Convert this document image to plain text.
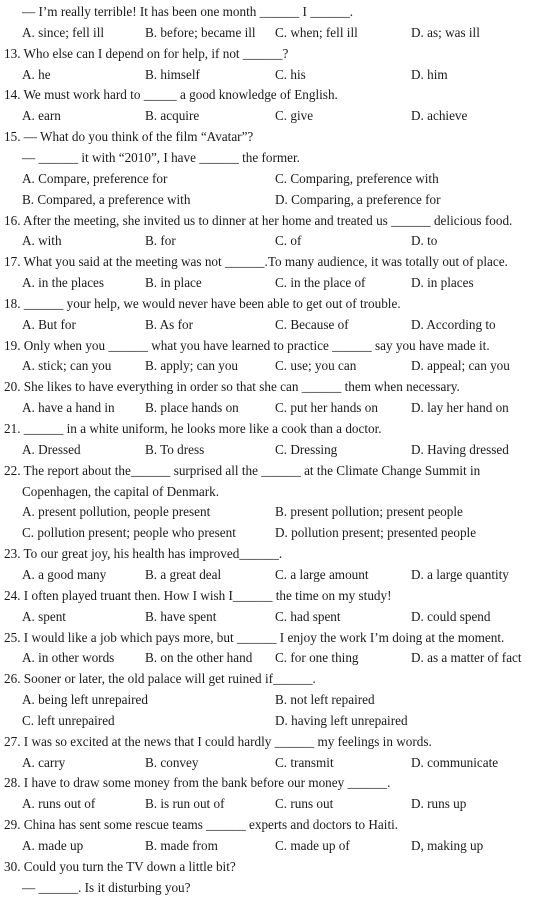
— I’m really terrible! It has been one month ______ I ______.
A. since; fell ill	B. before; became ill C. when; fell ill	D. as; was ill
13. Who else can I depend on for help, if not ______?
A. he	B. himself	C. his	D. him
14. We must work hard to _____ a good knowledge of English.
A. earn	B. acquire	C. give	D. achieve
15. — What do you think of the film “Avatar”?
— ______ it with “2010”, I have ______ the former.
A. Compare, preference for	C. Comparing, preference with
B. Compared, a preference with	D. Comparing, a preference for
16. After the meeting, she invited us to dinner at her home and treated us ______ delicious food.
A. with	B. for	C. of	D. to
17. What you said at the meeting was not ______.To many audience, it was totally out of place.
A. in the places	B. in place	C. in the place of	D. in places
18. ______ your help, we would never have been able to get out of trouble.
A. But for	B. As for	C. Because of	D. According to
19. Only when you ______ what you have learned to practice ______ say you have made it.
A. stick; can you	B. apply; can you	C. use; you can	D. appeal; can you
20. She likes to have everything in order so that she can ______ them when necessary.
A. have a hand in B. place hands on	C. put her hands on	D. lay her hand on
21. ______ in a white uniform, he looks more like a cook than a doctor.
A. Dressed	B. To dress	C. Dressing	D. Having dressed
22. The report about the______ surprised all the ______ at the Climate Change Summit in
Copenhagen, the capital of Denmark.
A. present pollution, people present	B. present pollution; present people
C. pollution present; people who present	D. pollution present; presented people
23. To our great joy, his health has improved______.
A. a good many	B. a great deal	C. a large amount	D. a large quantity
24. I often played truant then. How I wish I______ the time on my study!
A. spent	B. have spent	C. had spent	D. could spend
25. I would like a job which pays more, but ______ I enjoy the work I’m doing at the moment.
A. in other words B. on the other hand C. for one thing	D. as a matter of fact
26. Sooner or later, the old palace will get ruined if______.
A. being left unrepaired	B. not left repaired
C. left unrepaired	D. having left unrepaired
27. I was so excited at the news that I could hardly ______ my feelings in words.
A. carry	B. convey	C. transmit	D. communicate
28. I have to draw some money from the bank before our money ______.
A. runs out of	B. is run out of	C. runs out	D. runs up
29. China has sent some rescue teams ______ experts and doctors to Haiti.
A. made up	B. made from	C. made up of	D, making up
30. Could you turn the TV down a little bit?
— ______. Is it disturbing you?
